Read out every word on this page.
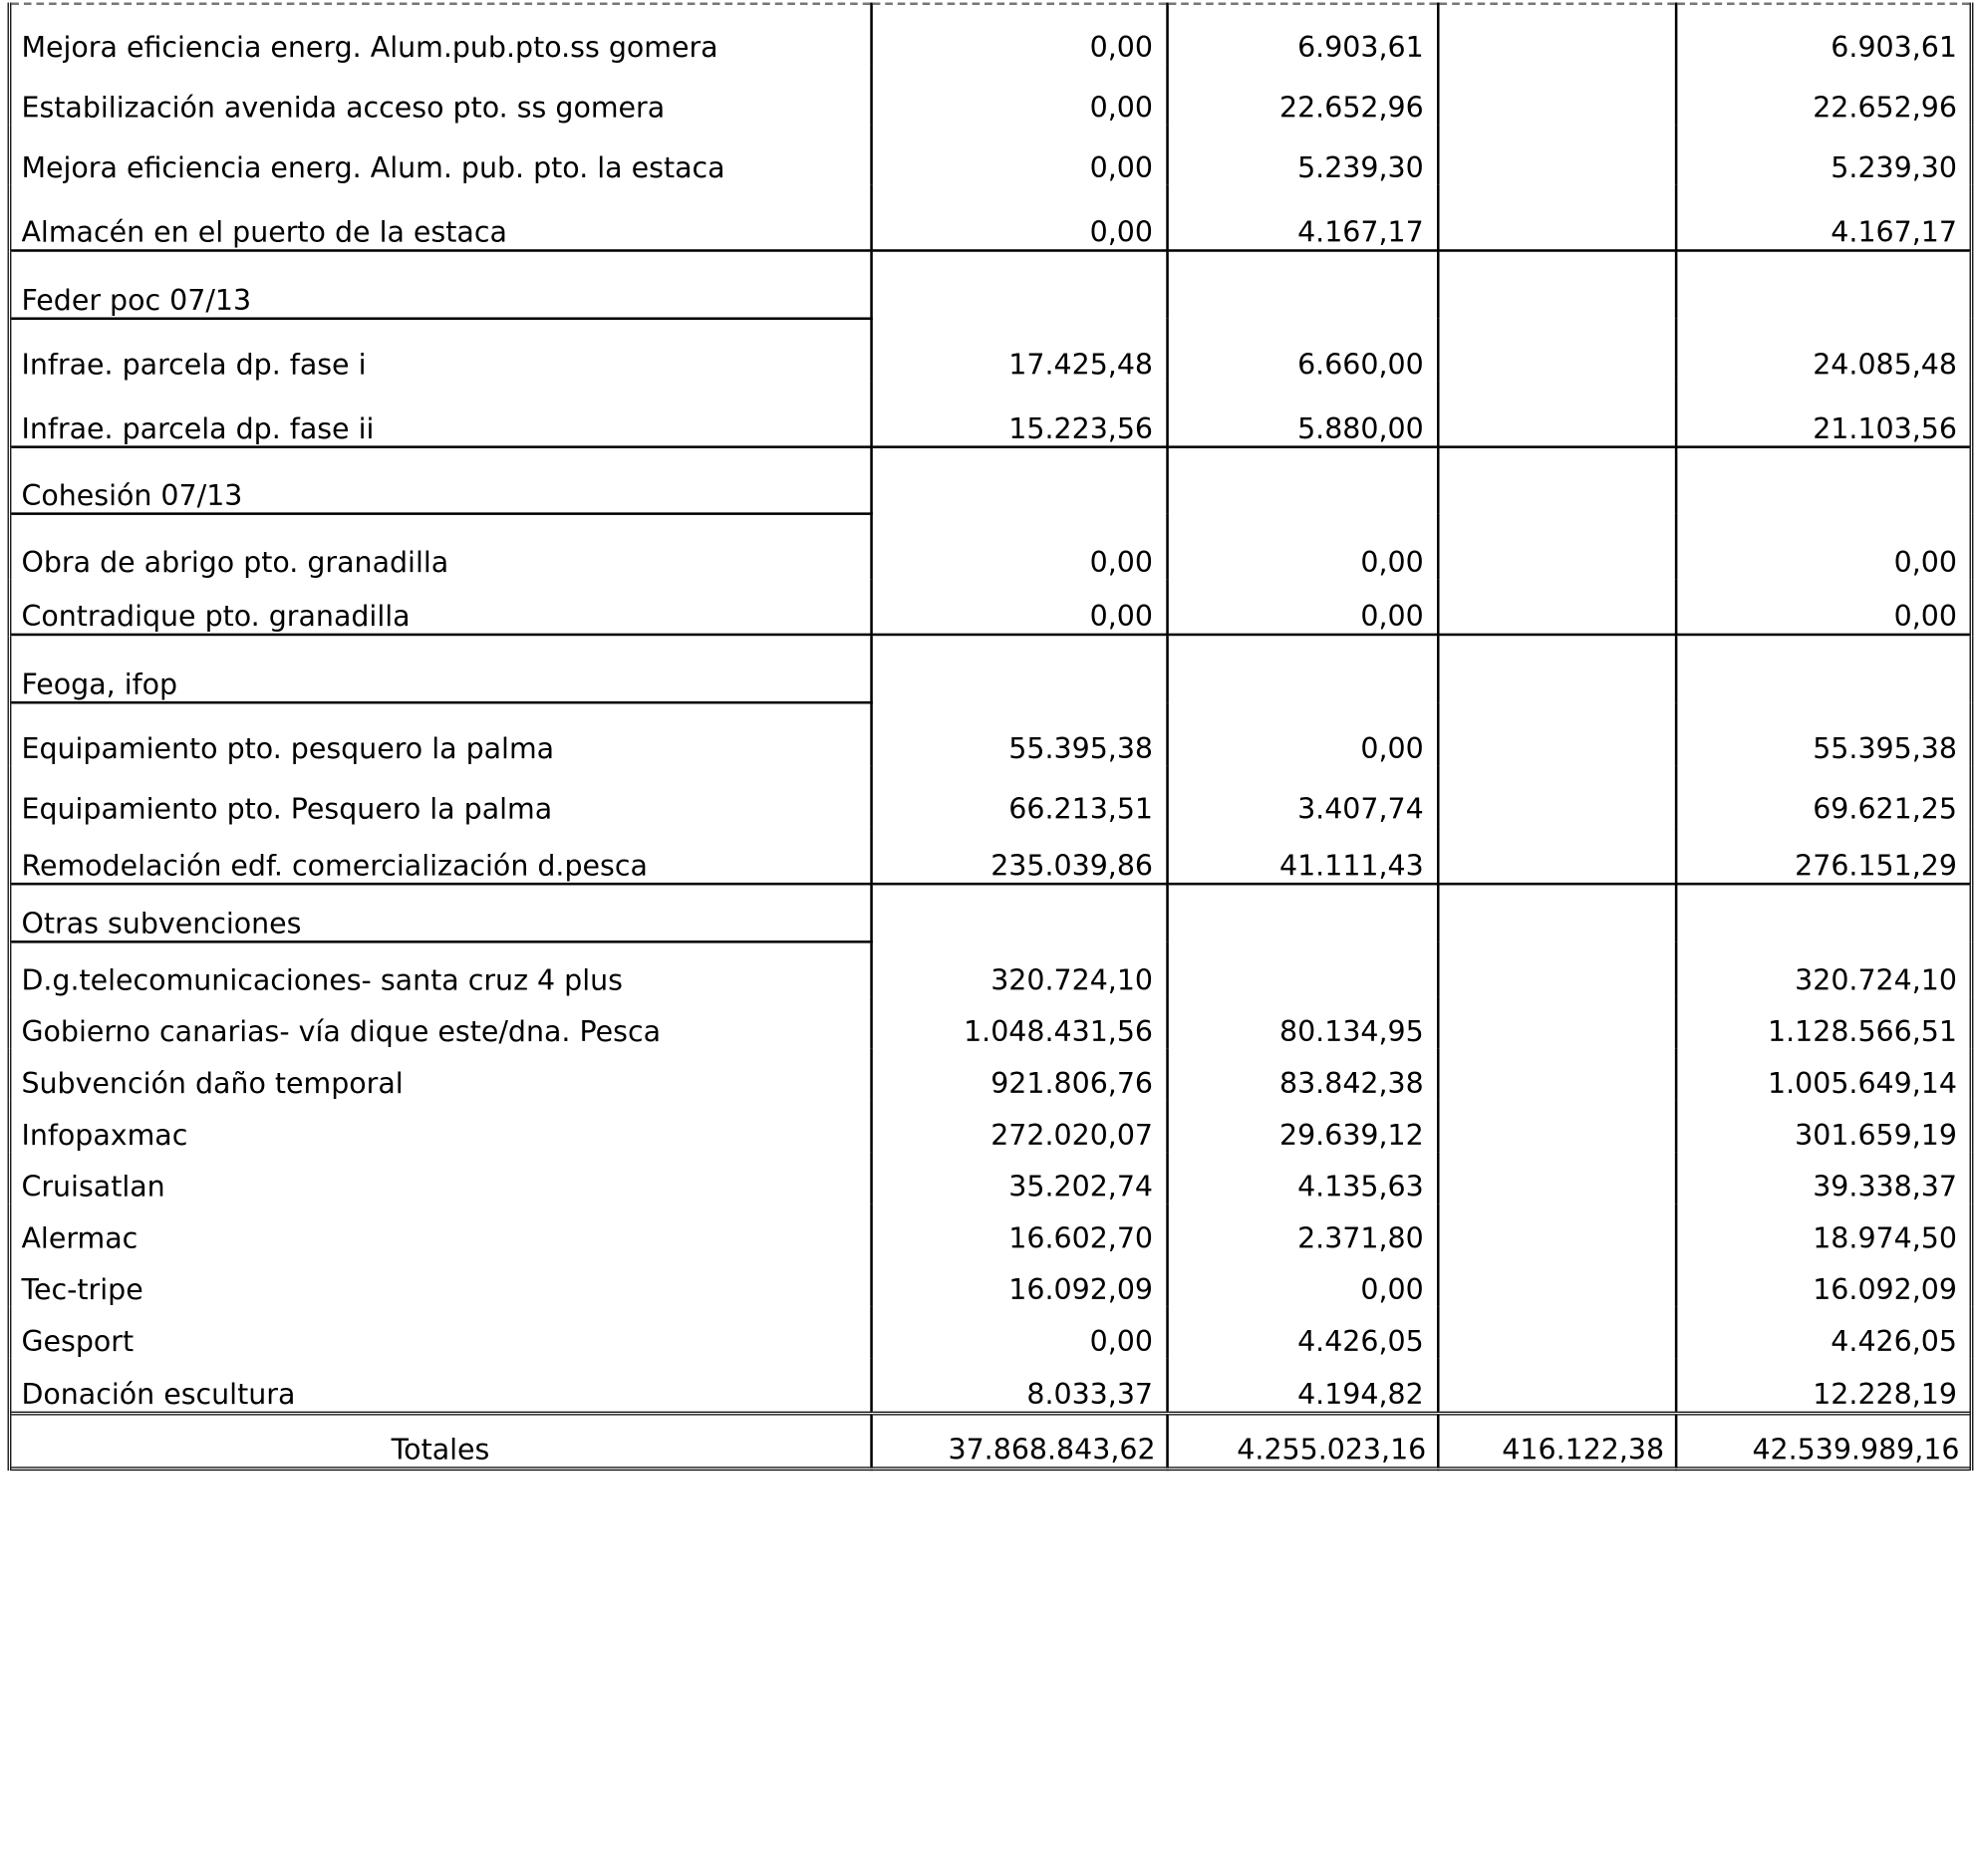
Mejora eficiencia energ. Alum.pub.pto.ss gomera	0,00	6.903,61		6.903,61
Estabilización avenida acceso pto. ss gomera	0,00	22.652,96		22.652,96
Mejora eficiencia energ. Alum. pub. pto. la estaca	0,00	5.239,30		5.239,30
Almacén en el puerto de la estaca	0,00	4.167,17		4.167,17
Feder poc 07/13				
Infrae. parcela dp. fase i	17.425,48	6.660,00		24.085,48
Infrae. parcela dp. fase ii	15.223,56	5.880,00		21.103,56
Cohesión 07/13				
Obra de abrigo pto. granadilla	0,00	0,00		0,00
Contradique pto. granadilla	0,00	0,00		0,00
Feoga, ifop				
Equipamiento pto. pesquero la palma	55.395,38	0,00		55.395,38
Equipamiento pto. Pesquero la palma	66.213,51	3.407,74		69.621,25
Remodelación edf. comercialización d.pesca	235.039,86	41.111,43		276.151,29
Otras subvenciones				
D.g.telecomunicaciones- santa cruz 4 plus	320.724,10			320.724,10
Gobierno canarias- vía dique este/dna. Pesca	1.048.431,56	80.134,95		1.128.566,51
Subvención daño temporal	921.806,76	83.842,38		1.005.649,14
Infopaxmac	272.020,07	29.639,12		301.659,19
Cruisatlan	35.202,74	4.135,63		39.338,37
Alermac	16.602,70	2.371,80		18.974,50
Tec-tripe	16.092,09	0,00		16.092,09
Gesport	0,00	4.426,05		4.426,05
Donación escultura	8.033,37	4.194,82		12.228,19
Totales	37.868.843,62	4.255.023,16	416.122,38	42.539.989,16
